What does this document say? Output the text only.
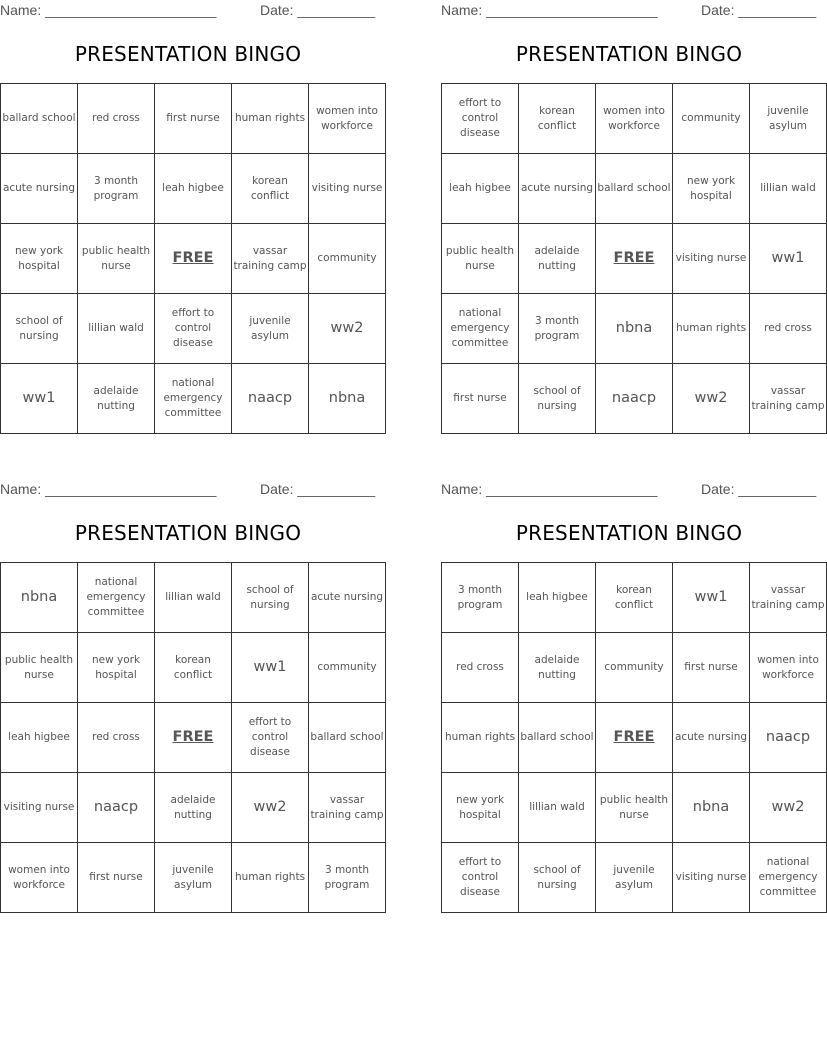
Name: ______________________	Date: __________
PRESENTATION BINGO
ballard school	red cross	first nurse	human rights	women into workforce
acute nursing	3 month program	leah higbee	korean conflict	visiting nurse
new york hospital	public health nurse	FREE	vassar training camp	community
school of nursing	lillian wald	effort to control disease	juvenile asylum	ww2
ww1	adelaide nutting	national emergency committee	naacp	nbna
Name: ______________________	Date: __________
PRESENTATION BINGO
effort to control disease	korean conflict	women into workforce	community	juvenile asylum
leah higbee	acute nursing	ballard school	new york hospital	lillian wald
public health nurse	adelaide nutting	FREE	visiting nurse	ww1
national emergency committee	3 month program	nbna	human rights	red cross
first nurse	school of nursing	naacp	ww2	vassar training camp
Name: ______________________	Date: __________
PRESENTATION BINGO
nbna	national emergency committee	lillian wald	school of nursing	acute nursing
public health nurse	new york hospital	korean conflict	ww1	community
leah higbee	red cross	FREE	effort to control disease	ballard school
visiting nurse	naacp	adelaide nutting	ww2	vassar training camp
women into workforce	first nurse	juvenile asylum	human rights	3 month program
Name: ______________________	Date: __________
PRESENTATION BINGO
3 month program	leah higbee	korean conflict	ww1	vassar training camp
red cross	adelaide nutting	community	first nurse	women into workforce
human rights	ballard school	FREE	acute nursing	naacp
new york hospital	lillian wald	public health nurse	nbna	ww2
effort to control disease	school of nursing	juvenile asylum	visiting nurse	national emergency committee
